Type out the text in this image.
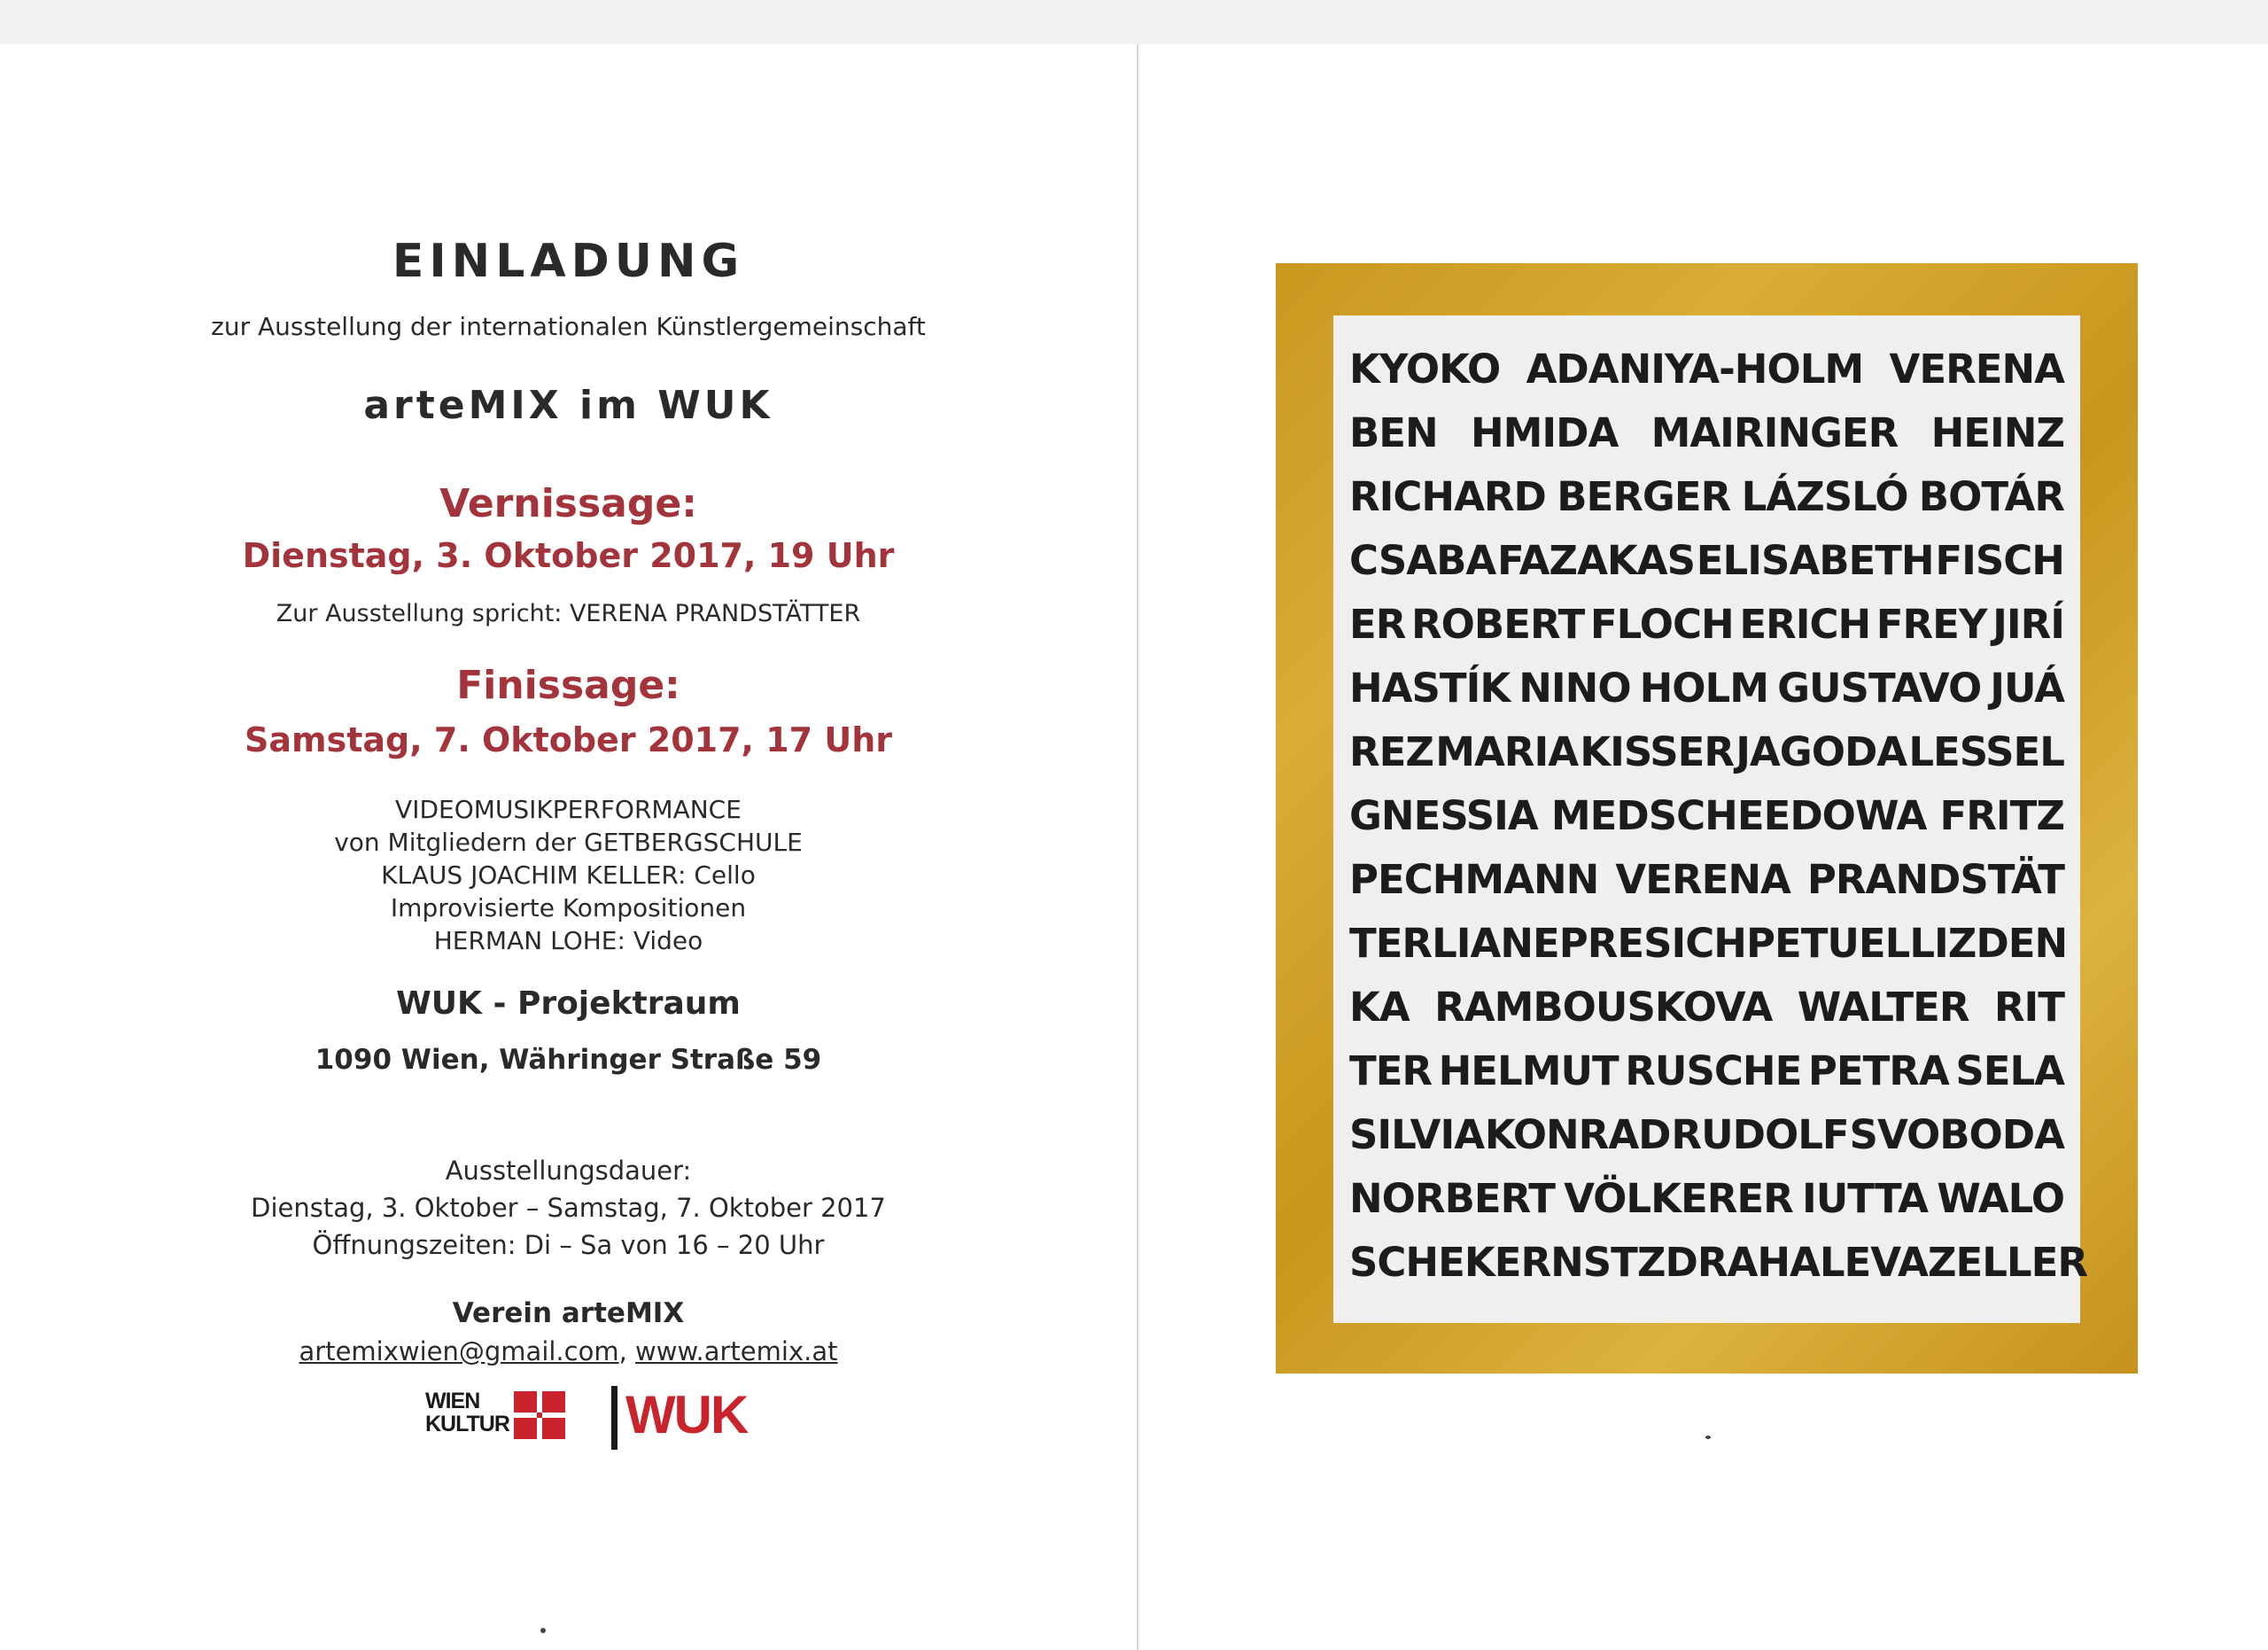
EINLADUNG
zur Ausstellung der internationalen Künstlergemeinschaft
arteMIX im WUK
Vernissage:
Dienstag, 3. Oktober 2017, 19 Uhr
Zur Ausstellung spricht: VERENA PRANDSTÄTTER
Finissage:
Samstag, 7. Oktober 2017, 17 Uhr
VIDEOMUSIKPERFORMANCE
von Mitgliedern der GETBERGSCHULE
KLAUS JOACHIM KELLER: Cello
Improvisierte Kompositionen
HERMAN LOHE: Video
WUK - Projektraum
1090 Wien, Währinger Straße 59
Ausstellungsdauer:
Dienstag, 3. Oktober – Samstag, 7. Oktober 2017
Öffnungszeiten: Di – Sa von 16 – 20 Uhr
Verein arteMIX
artemixwien@gmail.com, www.artemix.at
WIEN
KULTUR WUK
KYOKO ADANIYA-HOLM VERENA
BEN HMIDA MAIRINGER HEINZ
RICHARD BERGER LÁZSLÓ BOTÁR
CSABA FAZAKAS ELISABETH FISCH
ER ROBERT FLOCH ERICH FREY JIRÍ
HASTÍK NINO HOLM GUSTAVO JUÁ
REZ MARIA KISSER JAGODA LESSEL
GNESSIA MEDSCHEEDOWA FRITZ
PECHMANN VERENA PRANDSTÄT
TER LIANE PRESICH PETUELLI ZDEN
KA RAMBOUSKOVA WALTER RIT
TER HELMUT RUSCHE PETRA SELA
SILVIA KONRAD RUDOLF SVOBODA
NORBERT VÖLKERER IUTTA WALO
SCHEK ERNST ZDRAHAL EVA ZELLER
